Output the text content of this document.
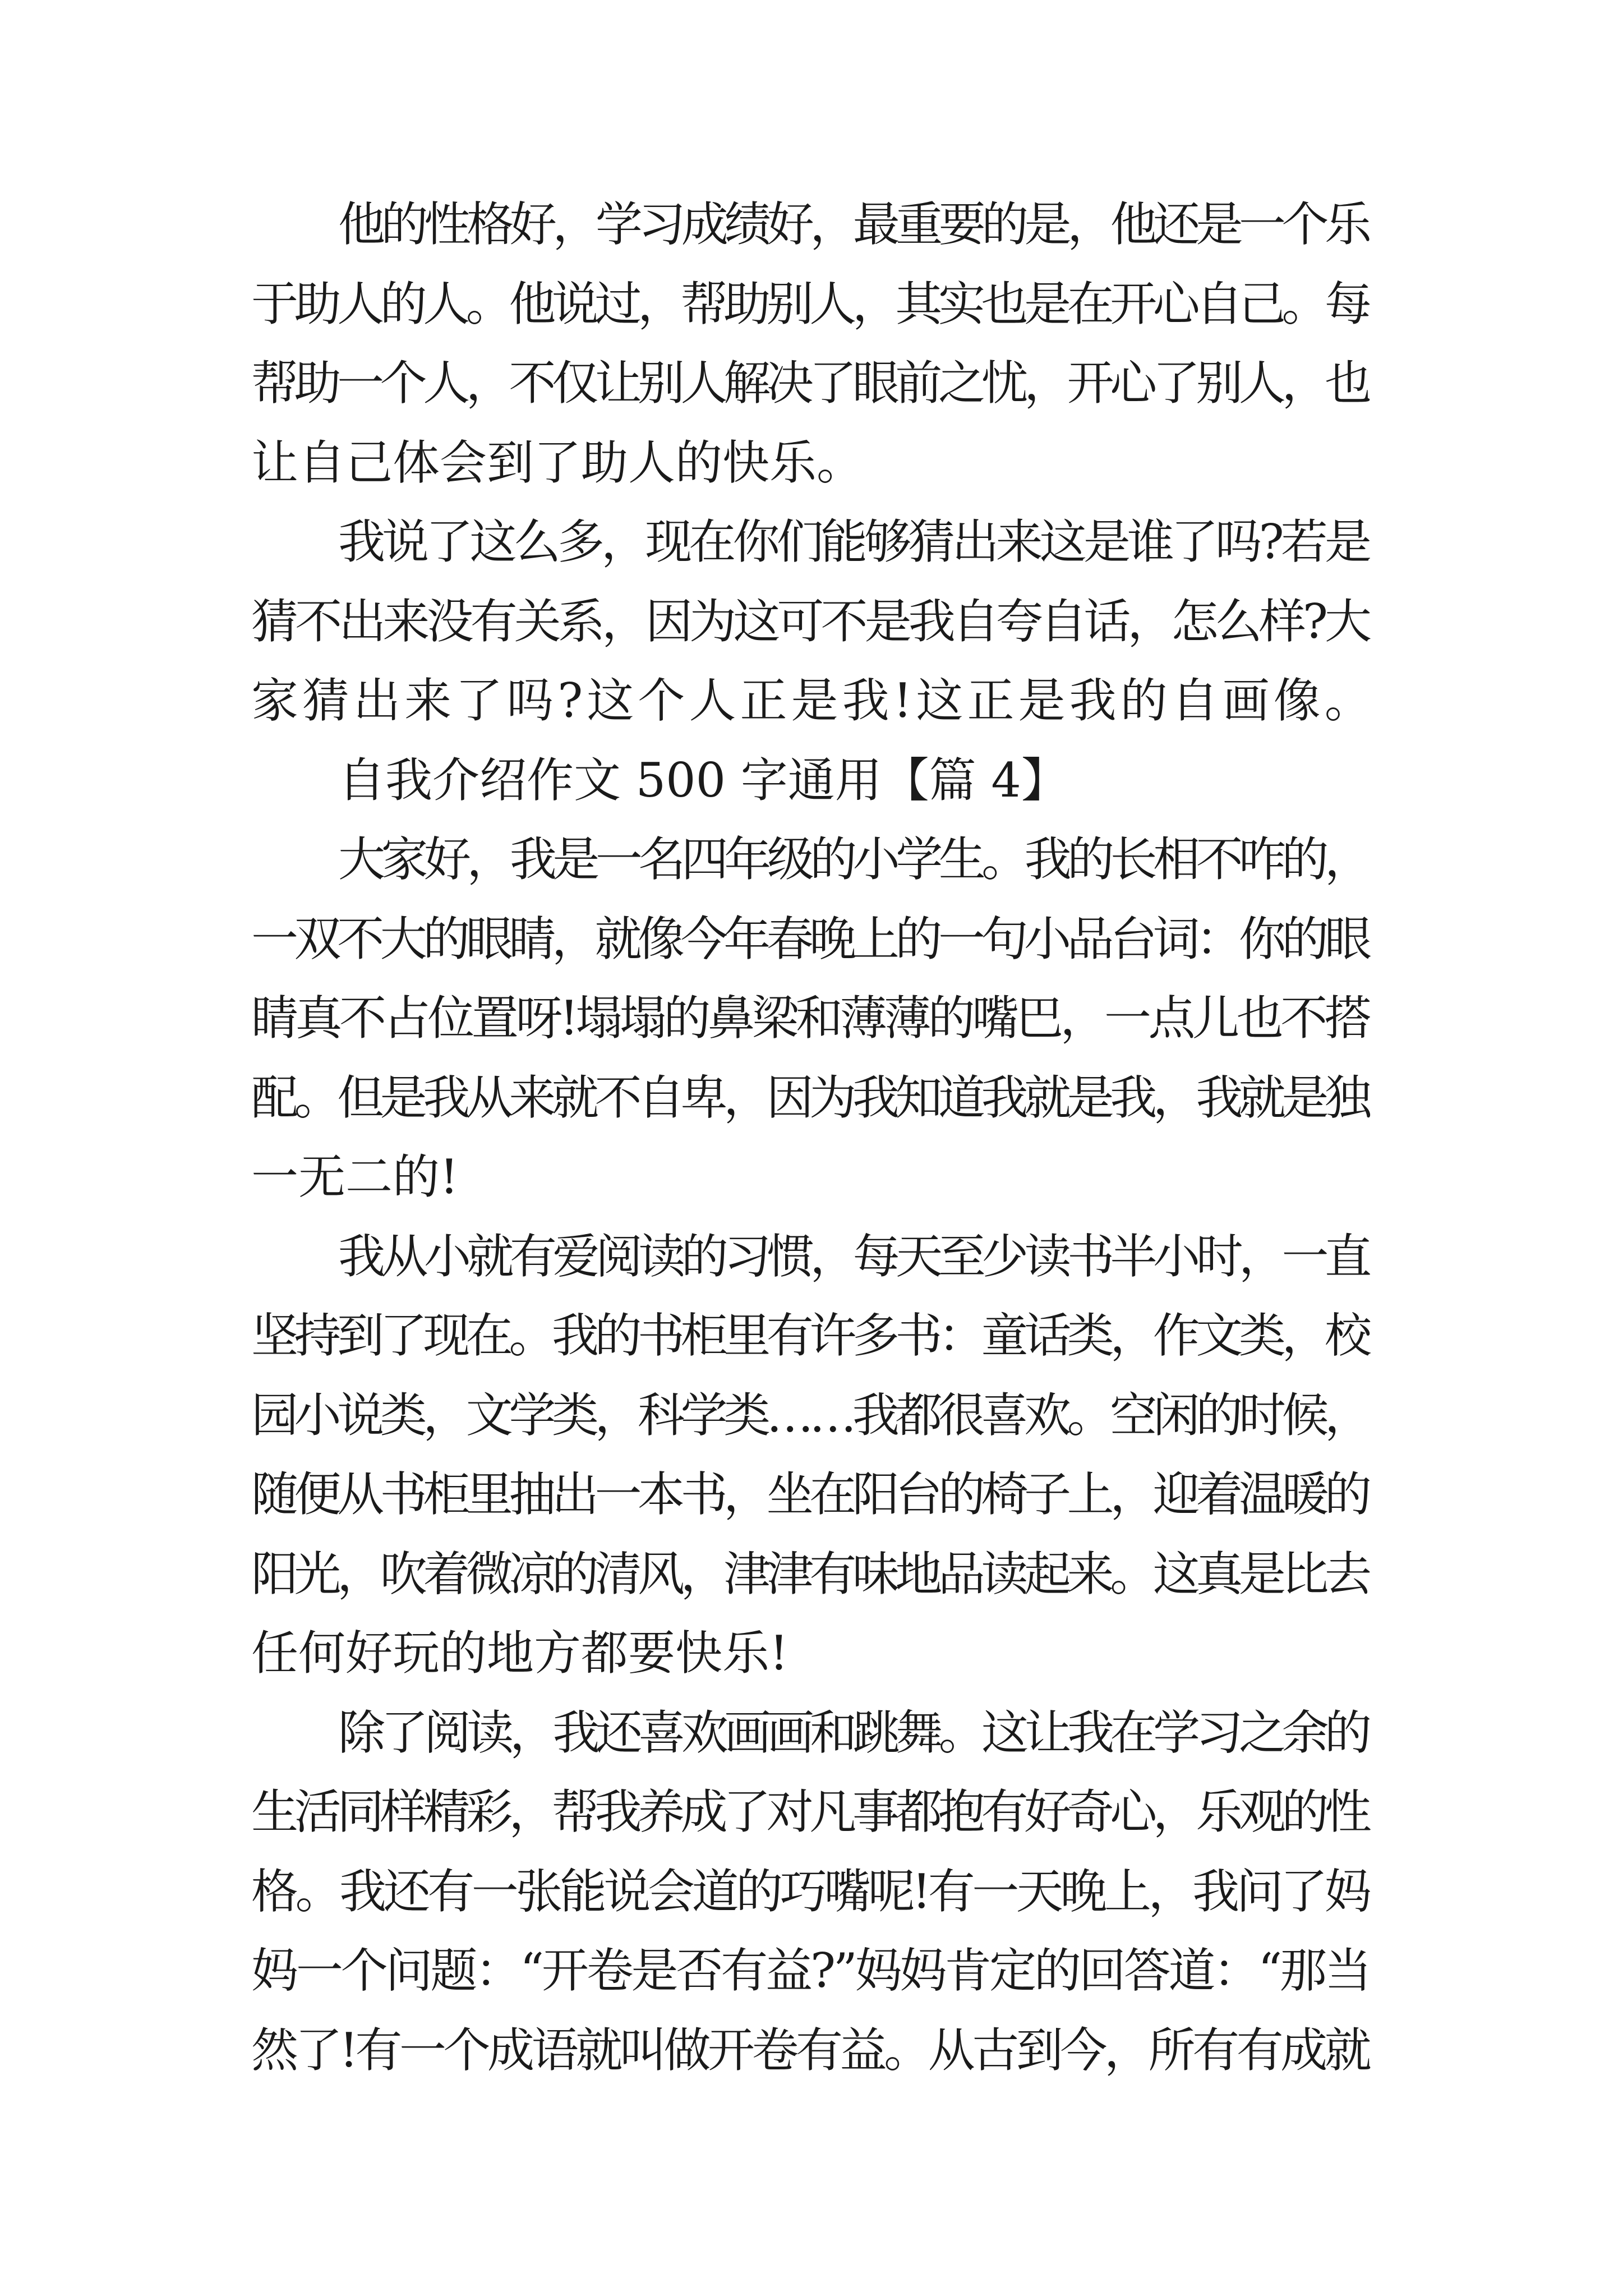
他的性格好，学习成绩好，最重要的是，他还是一个乐
于助人的人。他说过，帮助别人，其实也是在开心自己。每
帮助一个人，不仅让别人解决了眼前之忧，开心了别人，也
让自己体会到了助人的快乐。
我说了这么多，现在你们能够猜出来这是谁了吗?若是
猜不出来没有关系，因为这可不是我自夸自话，怎么样?大
家猜出来了吗?这个人正是我!这正是我的自画像。
自我介绍作文 500 字通用【篇 4】
大家好，我是一名四年级的小学生。我的长相不咋的，
一双不大的眼睛，就像今年春晚上的一句小品台词：你的眼
睛真不占位置呀!塌塌的鼻梁和薄薄的嘴巴，一点儿也不搭
配。但是我从来就不自卑，因为我知道我就是我，我就是独
一无二的!
我从小就有爱阅读的习惯，每天至少读书半小时，一直
坚持到了现在。我的书柜里有许多书：童话类，作文类，校
园小说类，文学类，科学类……我都很喜欢。空闲的时候，
随便从书柜里抽出一本书，坐在阳台的椅子上，迎着温暖的
阳光，吹着微凉的清风，津津有味地品读起来。这真是比去
任何好玩的地方都要快乐!
除了阅读，我还喜欢画画和跳舞。这让我在学习之余的
生活同样精彩，帮我养成了对凡事都抱有好奇心，乐观的性
格。我还有一张能说会道的巧嘴呢!有一天晚上，我问了妈
妈一个问题：“开卷是否有益?”妈妈肯定的回答道：“那当
然了!有一个成语就叫做开卷有益。从古到今，所有有成就
